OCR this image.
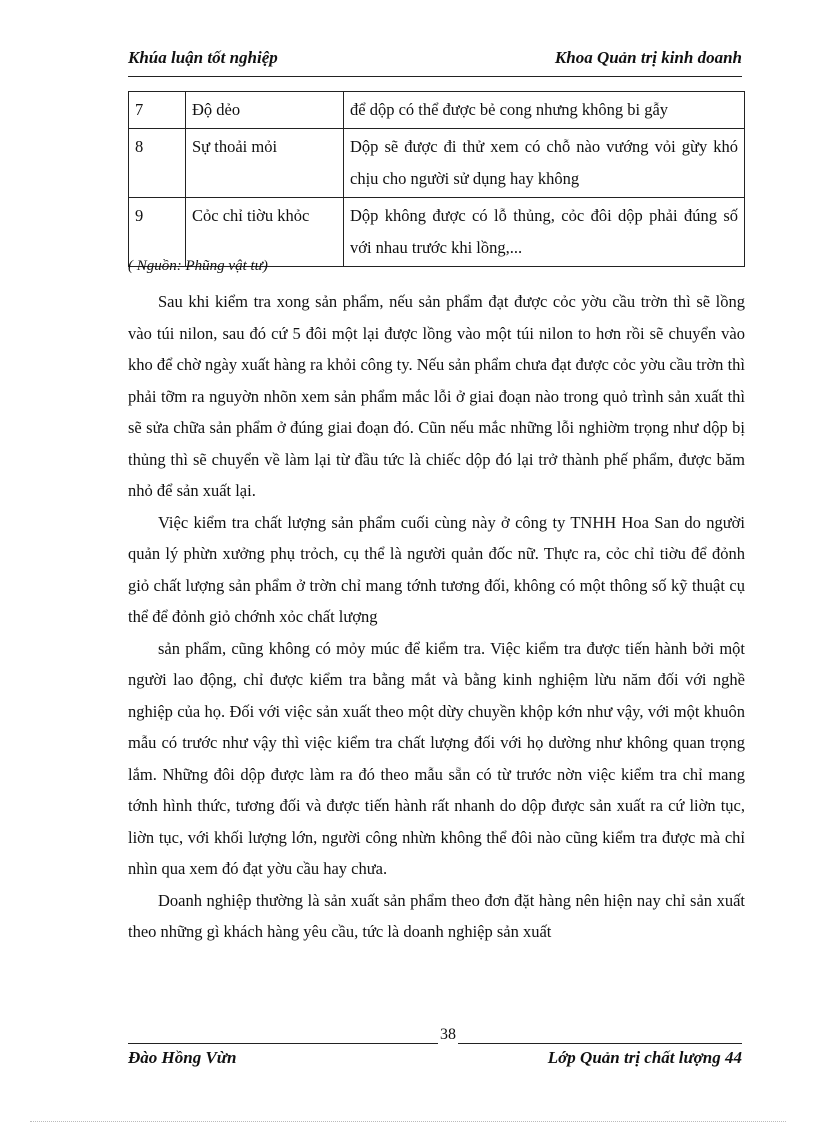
Khúa luận tốt nghiệp	Khoa Quản trị kinh doanh
7	Độ dẻo	để dộp có thể được bẻ cong nhưng không bi gẫy
8	Sự thoải mỏi	Dộp sẽ được đi thử xem có chỗ nào vướng vỏi gừy khó chịu cho người sử dụng hay không
9	Cỏc chỉ tiờu khỏc	Dộp không được có lỗ thủng, cỏc đôi dộp phải đúng số với nhau trước khi lồng,...
( Nguồn: Phũng vật tư)

Sau khi kiểm tra xong sản phẩm, nếu sản phẩm đạt được cỏc yờu cầu trờn thì sẽ lồng vào túi nilon, sau đó cứ 5 đôi một lại được lồng vào một túi nilon to hơn rồi sẽ chuyển vào kho để chờ ngày xuất hàng ra khỏi công ty. Nếu sản phẩm chưa đạt được cỏc yờu cầu trờn thì phải tỡm ra nguyờn nhõn xem sản phẩm mắc lỗi ở giai đoạn nào trong quỏ trình sản xuất thì sẽ sửa chữa sản phẩm ở đúng giai đoạn đó. Cũn nếu mắc những lỗi nghiờm trọng như dộp bị thủng thì sẽ chuyển về làm lại từ đầu tức là chiếc dộp đó lại trở thành phế phẩm, được băm nhỏ để sản xuất lại.

Việc kiểm tra chất lượng sản phẩm cuối cùng này ở công ty TNHH Hoa San do người quản lý phừn xưởng phụ trỏch, cụ thể là người quản đốc nữ. Thực ra, cỏc chỉ tiờu để đỏnh giỏ chất lượng sản phẩm ở trờn chỉ mang tớnh tương đối, không có một thông số kỹ thuật cụ thể để đỏnh giỏ chớnh xỏc chất lượng

sản phẩm, cũng không có mỏy múc để kiểm tra. Việc kiểm tra được tiến hành bởi một người lao động, chỉ được kiểm tra bằng mắt và bằng kinh nghiệm lừu năm đối với nghề nghiệp của họ. Đối với việc sản xuất theo một dừy chuyền khộp kớn như vậy, với một khuôn mẫu có trước như vậy thì việc kiểm tra chất lượng đối với họ dường như không quan trọng lắm. Những đôi dộp được làm ra đó theo mẫu sẵn có từ trước nờn việc kiểm tra chỉ mang tớnh hình thức, tương đối và được tiến hành rất nhanh do dộp được sản xuất ra cứ liờn tục, liờn tục, với khối lượng lớn, người công nhừn không thể đôi nào cũng kiểm tra được mà chỉ nhìn qua xem đó đạt yờu cầu hay chưa.

Doanh nghiệp thường là sản xuất sản phẩm theo đơn đặt hàng nên hiện nay chỉ sản xuất theo những gì khách hàng yêu cầu, tức là doanh nghiệp sản xuất

38
Đào Hồng Vừn	Lớp Quản trị chất lượng 44
